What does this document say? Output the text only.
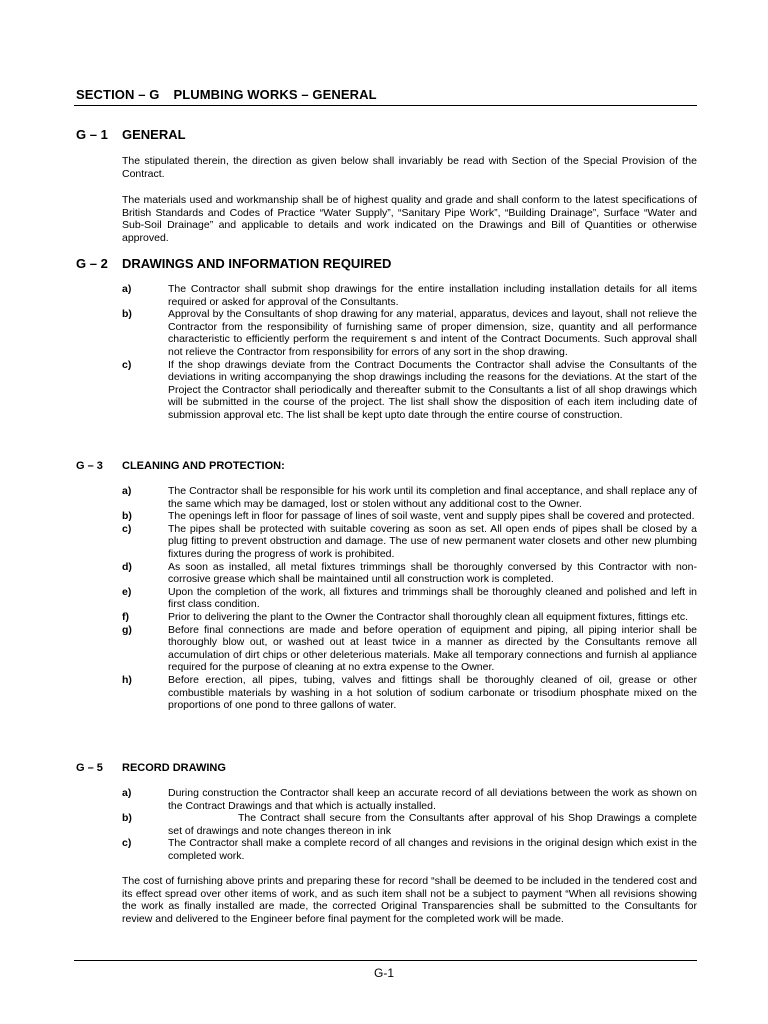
SECTION – G PLUMBING WORKS – GENERAL
G – 1 GENERAL
The stipulated therein, the direction as given below shall invariably be read with Section of the Special Provision of the Contract.
The materials used and workmanship shall be of highest quality and grade and shall conform to the latest specifications of British Standards and Codes of Practice “Water Supply”, “Sanitary Pipe Work”, “Building Drainage”, Surface “Water and Sub-Soil Drainage” and applicable to details and work indicated on the Drawings and Bill of Quantities or otherwise approved.
G – 2 DRAWINGS AND INFORMATION REQUIRED
a)	The Contractor shall submit shop drawings for the entire installation including installation details for all items required or asked for approval of the Consultants.
b)	Approval by the Consultants of shop drawing for any material, apparatus, devices and layout, shall not relieve the Contractor from the responsibility of furnishing same of proper dimension, size, quantity and all performance characteristic to efficiently perform the requirement s and intent of the Contract Documents. Such approval shall not relieve the Contractor from responsibility for errors of any sort in the shop drawing.
c)	If the shop drawings deviate from the Contract Documents the Contractor shall advise the Consultants of the deviations in writing accompanying the shop drawings including the reasons for the deviations. At the start of the Project the Contractor shall periodically and thereafter submit to the Consultants a list of all shop drawings which will be submitted in the course of the project. The list shall show the disposition of each item including date of submission approval etc. The list shall be kept upto date through the entire course of construction.
G – 3 CLEANING AND PROTECTION:
a)	The Contractor shall be responsible for his work until its completion and final acceptance, and shall replace any of the same which may be damaged, lost or stolen without any additional cost to the Owner.
b)	The openings left in floor for passage of lines of soil waste, vent and supply pipes shall be covered and protected.
c)	The pipes shall be protected with suitable covering as soon as set. All open ends of pipes shall be closed by a plug fitting to prevent obstruction and damage. The use of new permanent water closets and other new plumbing fixtures during the progress of work is prohibited.
d)	As soon as installed, all metal fixtures trimmings shall be thoroughly conversed by this Contractor with non-corrosive grease which shall be maintained until all construction work is completed.
e)	Upon the completion of the work, all fixtures and trimmings shall be thoroughly cleaned and polished and left in first class condition.
f)	Prior to delivering the plant to the Owner the Contractor shall thoroughly clean all equipment fixtures, fittings etc.
g)	Before final connections are made and before operation of equipment and piping, all piping interior shall be thoroughly blow out, or washed out at least twice in a manner as directed by the Consultants remove all accumulation of dirt chips or other deleterious materials. Make all temporary connections and furnish al appliance required for the purpose of cleaning at no extra expense to the Owner.
h)	Before erection, all pipes, tubing, valves and fittings shall be thoroughly cleaned of oil, grease or other combustible materials by washing in a hot solution of sodium carbonate or trisodium phosphate mixed on the proportions of one pond to three gallons of water.
G – 5 RECORD DRAWING
a)	During construction the Contractor shall keep an accurate record of all deviations between the work as shown on the Contract Drawings and that which is actually installed.
b)	The Contract shall secure from the Consultants after approval of his Shop Drawings a complete set of drawings and note changes thereon in ink
c)	The Contractor shall make a complete record of all changes and revisions in the original design which exist in the completed work.
The cost of furnishing above prints and preparing these for record “shall be deemed to be included in the tendered cost and its effect spread over other items of work, and as such item shall not be a subject to payment “When all revisions showing the work as finally installed are made, the corrected Original Transparencies shall be submitted to the Consultants for review and delivered to the Engineer before final payment for the completed work will be made.
G-1
